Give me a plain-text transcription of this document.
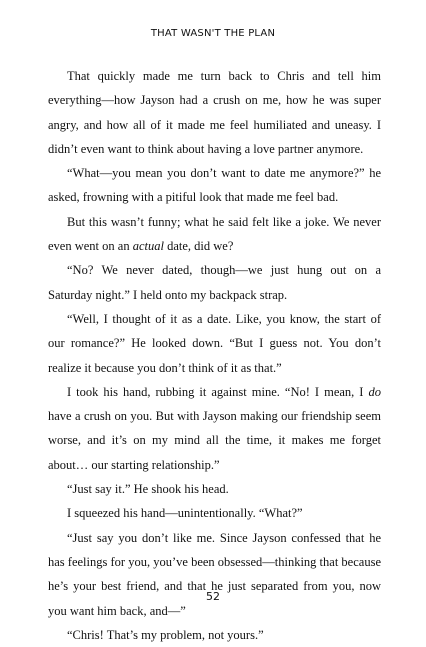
THAT WASN'T THE PLAN

That quickly made me turn back to Chris and tell him everything—how Jayson had a crush on me, how he was super angry, and how all of it made me feel humiliated and uneasy. I didn’t even want to think about having a love partner anymore.

“What—you mean you don’t want to date me anymore?” he asked, frowning with a pitiful look that made me feel bad.

But this wasn’t funny; what he said felt like a joke. We never even went on an actual date, did we?

“No? We never dated, though—we just hung out on a Saturday night.” I held onto my backpack strap.

“Well, I thought of it as a date. Like, you know, the start of our romance?” He looked down. “But I guess not. You don’t realize it because you don’t think of it as that.”

I took his hand, rubbing it against mine. “No! I mean, I do have a crush on you. But with Jayson making our friendship seem worse, and it’s on my mind all the time, it makes me forget about… our starting relationship.”

“Just say it.” He shook his head.

I squeezed his hand—unintentionally. “What?”

“Just say you don’t like me. Since Jayson confessed that he has feelings for you, you’ve been obsessed—thinking that because he’s your best friend, and that he just separated from you, now you want him back, and—”

“Chris! That’s my problem, not yours.”

52
